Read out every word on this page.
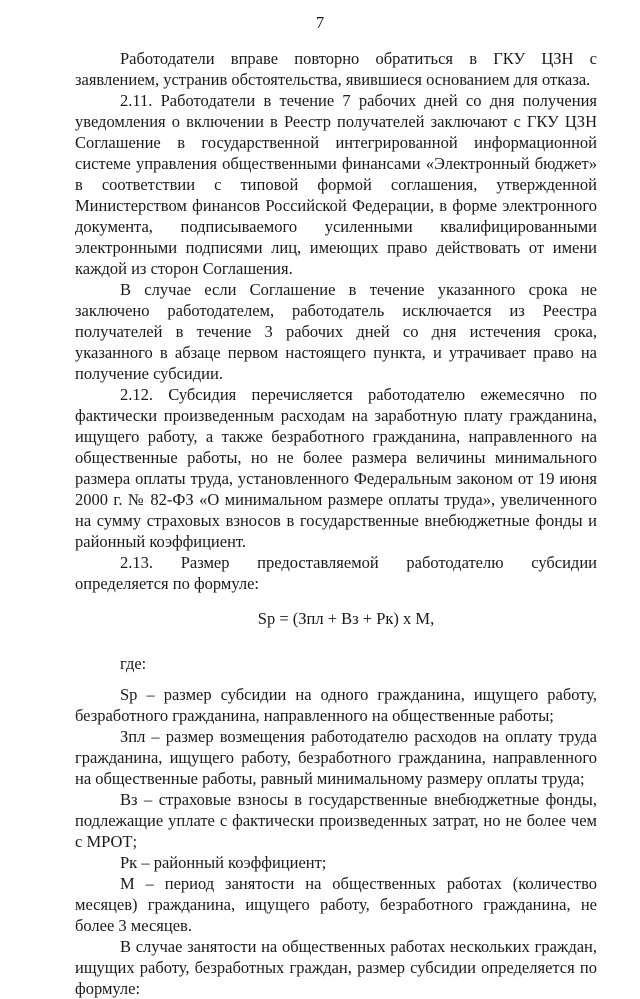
7

Работодатели вправе повторно обратиться в ГКУ ЦЗН с заявлением, устранив обстоятельства, явившиеся основанием для отказа.

2.11. Работодатели в течение 7 рабочих дней со дня получения уведомления о включении в Реестр получателей заключают с ГКУ ЦЗН Соглашение в государственной интегрированной информационной системе управления общественными финансами «Электронный бюджет» в соответствии с типовой формой соглашения, утвержденной Министерством финансов Российской Федерации, в форме электронного документа, подписываемого усиленными квалифицированными электронными подписями лиц, имеющих право действовать от имени каждой из сторон Соглашения.

В случае если Соглашение в течение указанного срока не заключено работодателем, работодатель исключается из Реестра получателей в течение 3 рабочих дней со дня истечения срока, указанного в абзаце первом настоящего пункта, и утрачивает право на получение субсидии.

2.12. Субсидия перечисляется работодателю ежемесячно по фактически произведенным расходам на заработную плату гражданина, ищущего работу, а также безработного гражданина, направленного на общественные работы, но не более размера величины минимального размера оплаты труда, установленного Федеральным законом от 19 июня 2000 г. № 82-ФЗ «О минимальном размере оплаты труда», увеличенного на сумму страховых взносов в государственные внебюджетные фонды и районный коэффициент.

2.13. Размер предоставляемой работодателю субсидии определяется по формуле:

Sр = (Зпл + Вз + Рк) x M,

где:

Sр – размер субсидии на одного гражданина, ищущего работу, безработного гражданина, направленного на общественные работы;

Зпл – размер возмещения работодателю расходов на оплату труда гражданина, ищущего работу, безработного гражданина, направленного на общественные работы, равный минимальному размеру оплаты труда;

Вз – страховые взносы в государственные внебюджетные фонды, подлежащие уплате с фактически произведенных затрат, но не более чем с МРОТ;

Рк – районный коэффициент;

М – период занятости на общественных работах (количество месяцев) гражданина, ищущего работу, безработного гражданина, не более 3 месяцев.

В случае занятости на общественных работах нескольких граждан, ищущих работу, безработных граждан, размер субсидии определяется по формуле:
